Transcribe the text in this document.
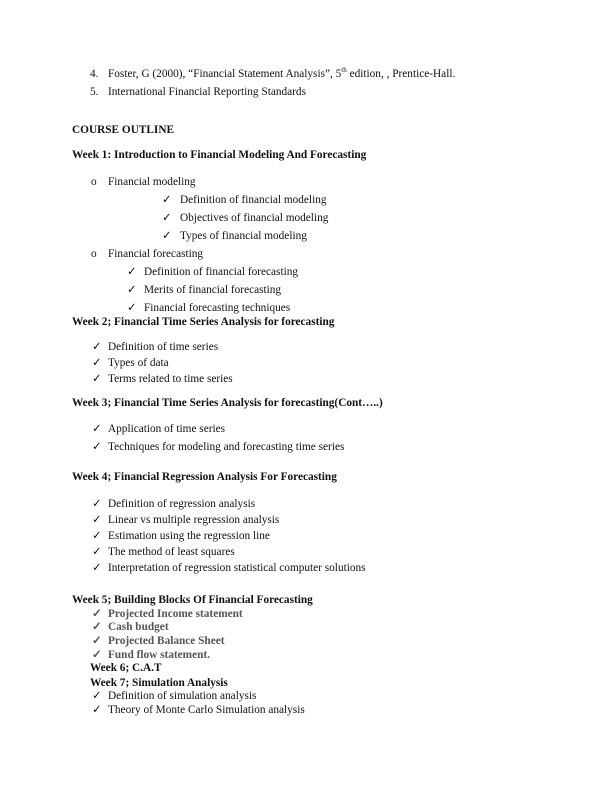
4. Foster, G (2000), “Financial Statement Analysis”, 5th edition, , Prentice-Hall.
5. International Financial Reporting Standards
COURSE OUTLINE
Week 1: Introduction to Financial Modeling And Forecasting
o Financial modeling
✓ Definition of financial modeling
✓ Objectives of financial modeling
✓ Types of financial modeling
o Financial forecasting
✓ Definition of financial forecasting
✓ Merits of financial forecasting
✓ Financial forecasting techniques
Week 2; Financial Time Series Analysis for forecasting
✓ Definition of time series
✓ Types of data
✓ Terms related to time series
Week 3; Financial Time Series Analysis for forecasting(Cont…..)
✓ Application of time series
✓ Techniques for modeling and forecasting time series
Week 4; Financial Regression Analysis For Forecasting
✓ Definition of regression analysis
✓ Linear vs multiple regression analysis
✓ Estimation using the regression line
✓ The method of least squares
✓ Interpretation of regression statistical computer solutions
Week 5; Building Blocks Of Financial Forecasting
✓ Projected Income statement
✓ Cash budget
✓ Projected Balance Sheet
✓ Fund flow statement.
Week 6; C.A.T
Week 7; Simulation Analysis
✓ Definition of simulation analysis
✓ Theory of Monte Carlo Simulation analysis
